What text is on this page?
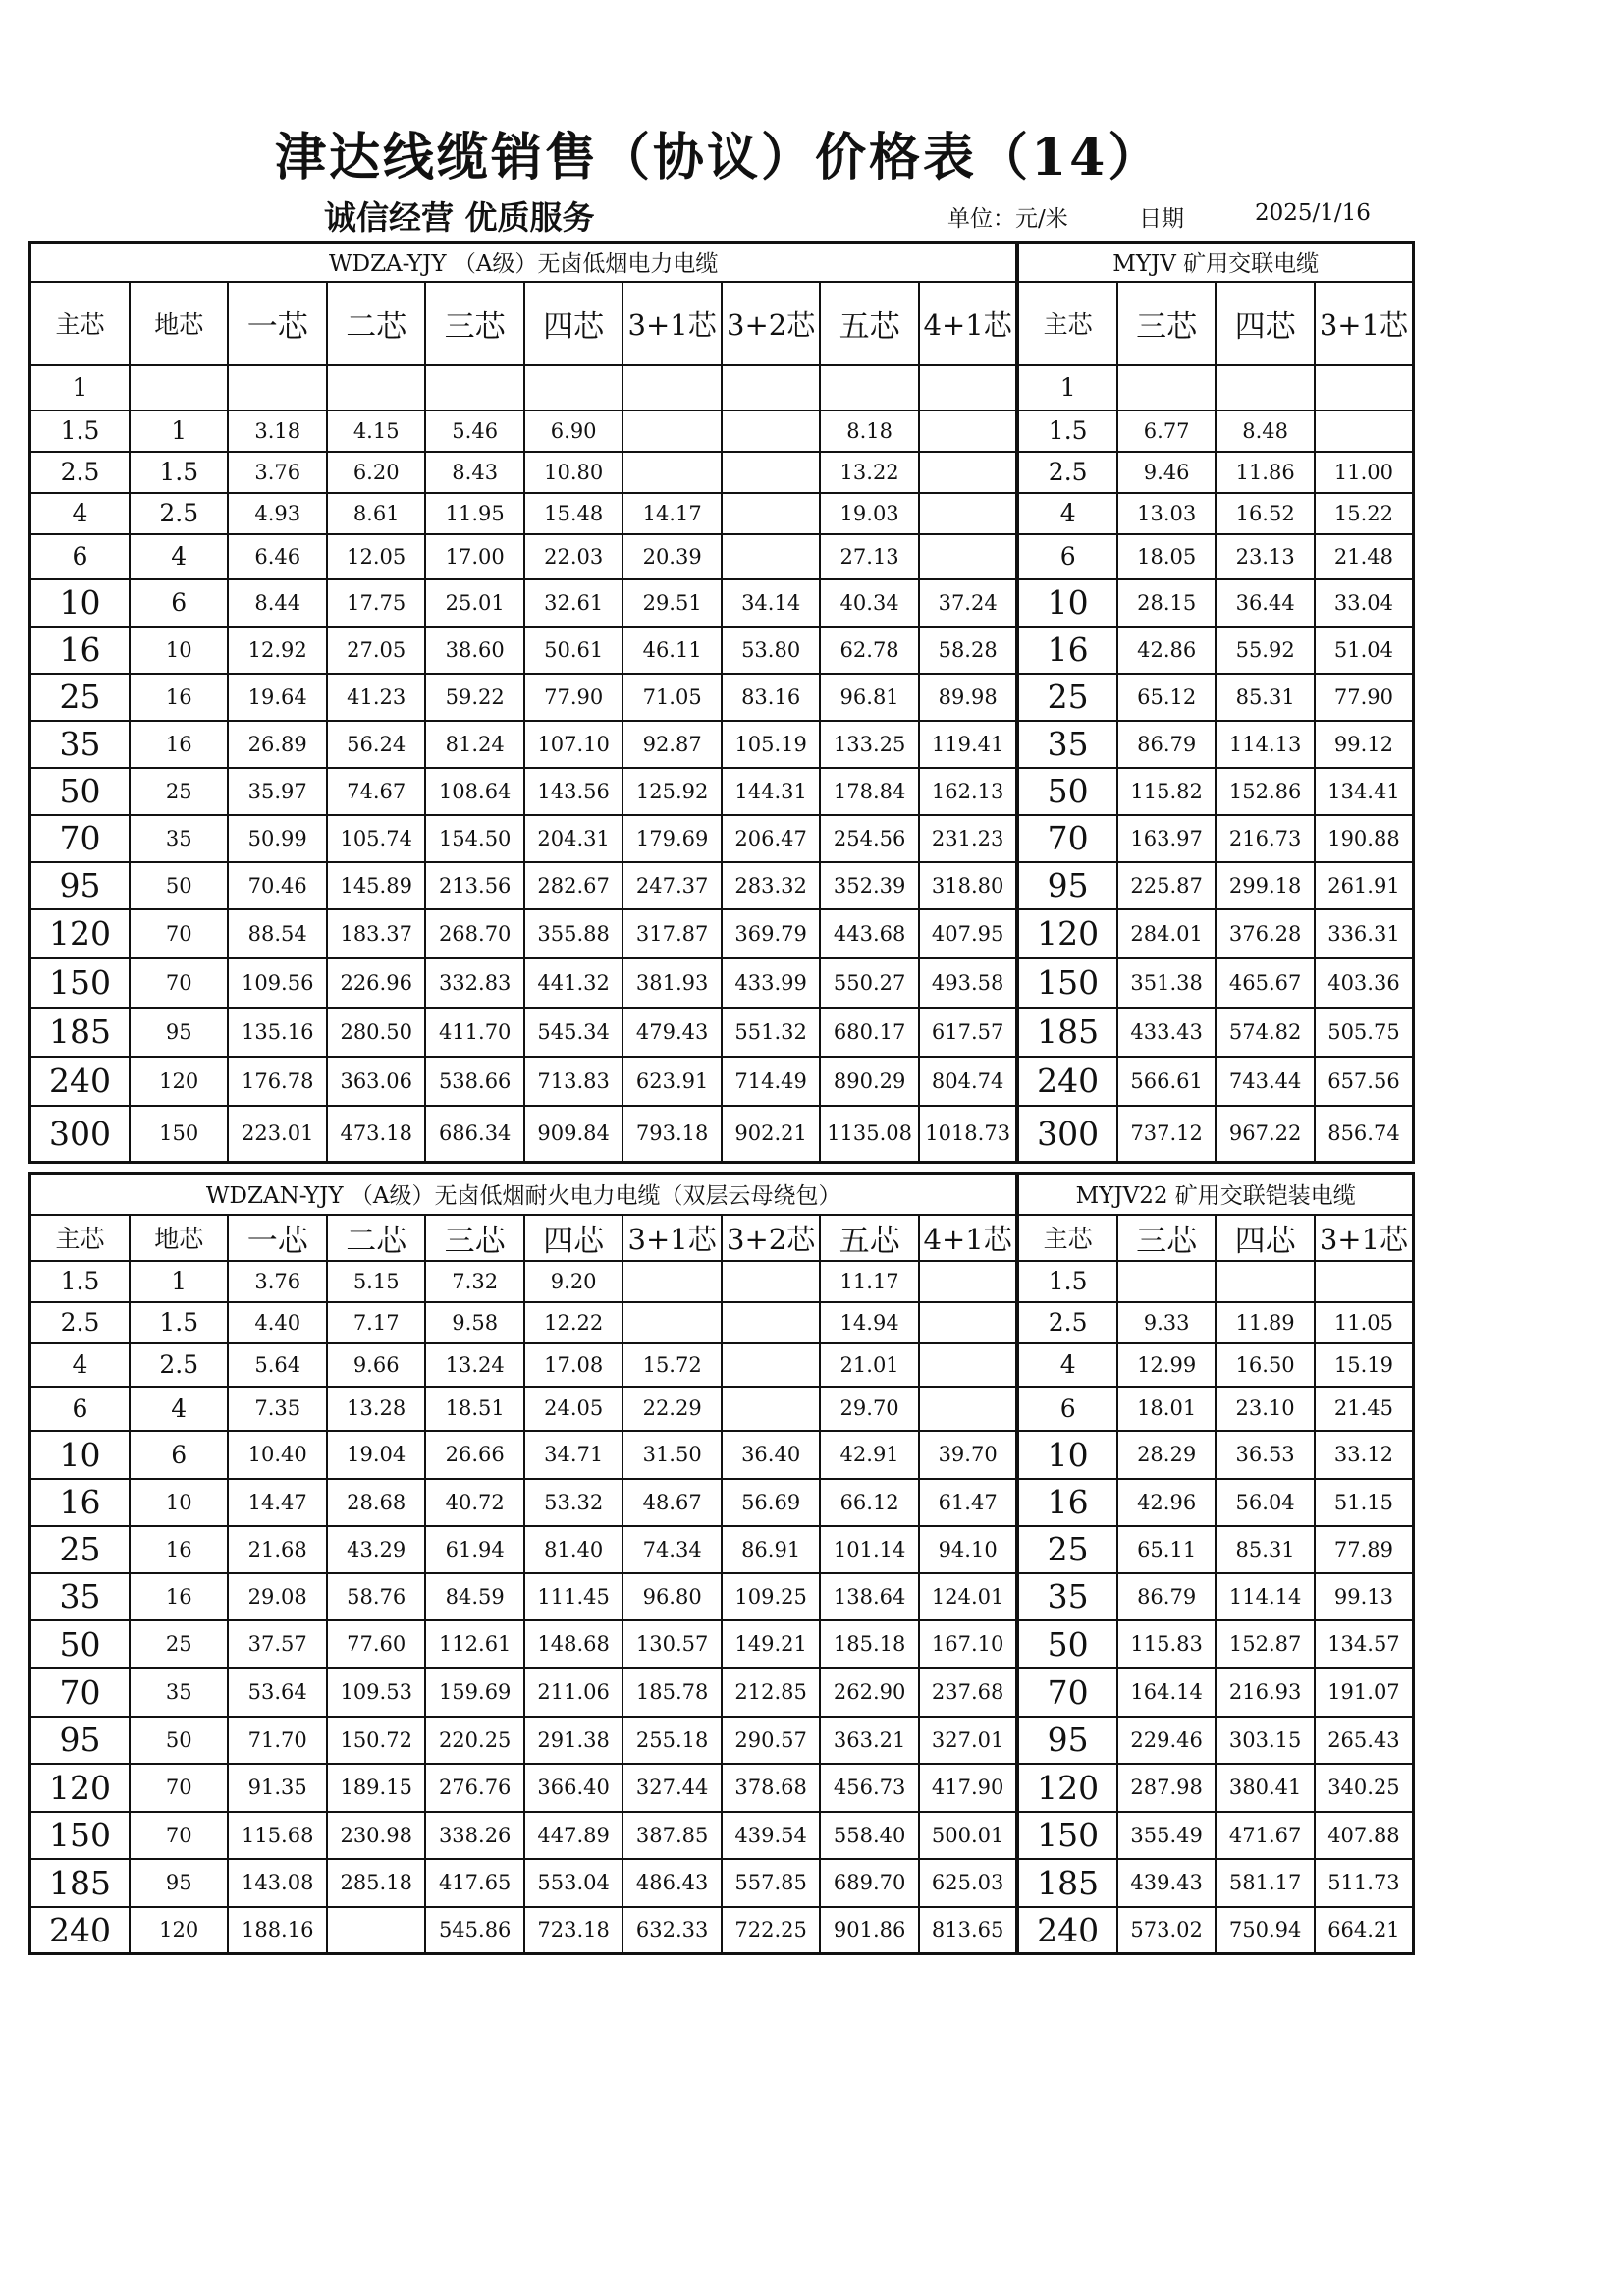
津达线缆销售（协议）价格表（14）
诚信经营 优质服务	单位：元/米	日期	2025/1/16
WDZA-YJY （A级）无卤低烟电力电缆										MYJV 矿用交联电缆			
主芯	地芯	一芯	二芯	三芯	四芯	3+1芯	3+2芯	五芯	4+1芯	主芯	三芯	四芯	3+1芯
1										1			
1.5	1	3.18	4.15	5.46	6.90			8.18		1.5	6.77	8.48	
2.5	1.5	3.76	6.20	8.43	10.80			13.22		2.5	9.46	11.86	11.00
4	2.5	4.93	8.61	11.95	15.48	14.17		19.03		4	13.03	16.52	15.22
6	4	6.46	12.05	17.00	22.03	20.39		27.13		6	18.05	23.13	21.48
10	6	8.44	17.75	25.01	32.61	29.51	34.14	40.34	37.24	10	28.15	36.44	33.04
16	10	12.92	27.05	38.60	50.61	46.11	53.80	62.78	58.28	16	42.86	55.92	51.04
25	16	19.64	41.23	59.22	77.90	71.05	83.16	96.81	89.98	25	65.12	85.31	77.90
35	16	26.89	56.24	81.24	107.10	92.87	105.19	133.25	119.41	35	86.79	114.13	99.12
50	25	35.97	74.67	108.64	143.56	125.92	144.31	178.84	162.13	50	115.82	152.86	134.41
70	35	50.99	105.74	154.50	204.31	179.69	206.47	254.56	231.23	70	163.97	216.73	190.88
95	50	70.46	145.89	213.56	282.67	247.37	283.32	352.39	318.80	95	225.87	299.18	261.91
120	70	88.54	183.37	268.70	355.88	317.87	369.79	443.68	407.95	120	284.01	376.28	336.31
150	70	109.56	226.96	332.83	441.32	381.93	433.99	550.27	493.58	150	351.38	465.67	403.36
185	95	135.16	280.50	411.70	545.34	479.43	551.32	680.17	617.57	185	433.43	574.82	505.75
240	120	176.78	363.06	538.66	713.83	623.91	714.49	890.29	804.74	240	566.61	743.44	657.56
300	150	223.01	473.18	686.34	909.84	793.18	902.21	1135.08	1018.73	300	737.12	967.22	856.74
WDZAN-YJY （A级）无卤低烟耐火电力电缆（双层云母绕包）										MYJV22 矿用交联铠装电缆			
主芯	地芯	一芯	二芯	三芯	四芯	3+1芯	3+2芯	五芯	4+1芯	主芯	三芯	四芯	3+1芯
1.5	1	3.76	5.15	7.32	9.20			11.17		1.5			
2.5	1.5	4.40	7.17	9.58	12.22			14.94		2.5	9.33	11.89	11.05
4	2.5	5.64	9.66	13.24	17.08	15.72		21.01		4	12.99	16.50	15.19
6	4	7.35	13.28	18.51	24.05	22.29		29.70		6	18.01	23.10	21.45
10	6	10.40	19.04	26.66	34.71	31.50	36.40	42.91	39.70	10	28.29	36.53	33.12
16	10	14.47	28.68	40.72	53.32	48.67	56.69	66.12	61.47	16	42.96	56.04	51.15
25	16	21.68	43.29	61.94	81.40	74.34	86.91	101.14	94.10	25	65.11	85.31	77.89
35	16	29.08	58.76	84.59	111.45	96.80	109.25	138.64	124.01	35	86.79	114.14	99.13
50	25	37.57	77.60	112.61	148.68	130.57	149.21	185.18	167.10	50	115.83	152.87	134.57
70	35	53.64	109.53	159.69	211.06	185.78	212.85	262.90	237.68	70	164.14	216.93	191.07
95	50	71.70	150.72	220.25	291.38	255.18	290.57	363.21	327.01	95	229.46	303.15	265.43
120	70	91.35	189.15	276.76	366.40	327.44	378.68	456.73	417.90	120	287.98	380.41	340.25
150	70	115.68	230.98	338.26	447.89	387.85	439.54	558.40	500.01	150	355.49	471.67	407.88
185	95	143.08	285.18	417.65	553.04	486.43	557.85	689.70	625.03	185	439.43	581.17	511.73
240	120	188.16		545.86	723.18	632.33	722.25	901.86	813.65	240	573.02	750.94	664.21
